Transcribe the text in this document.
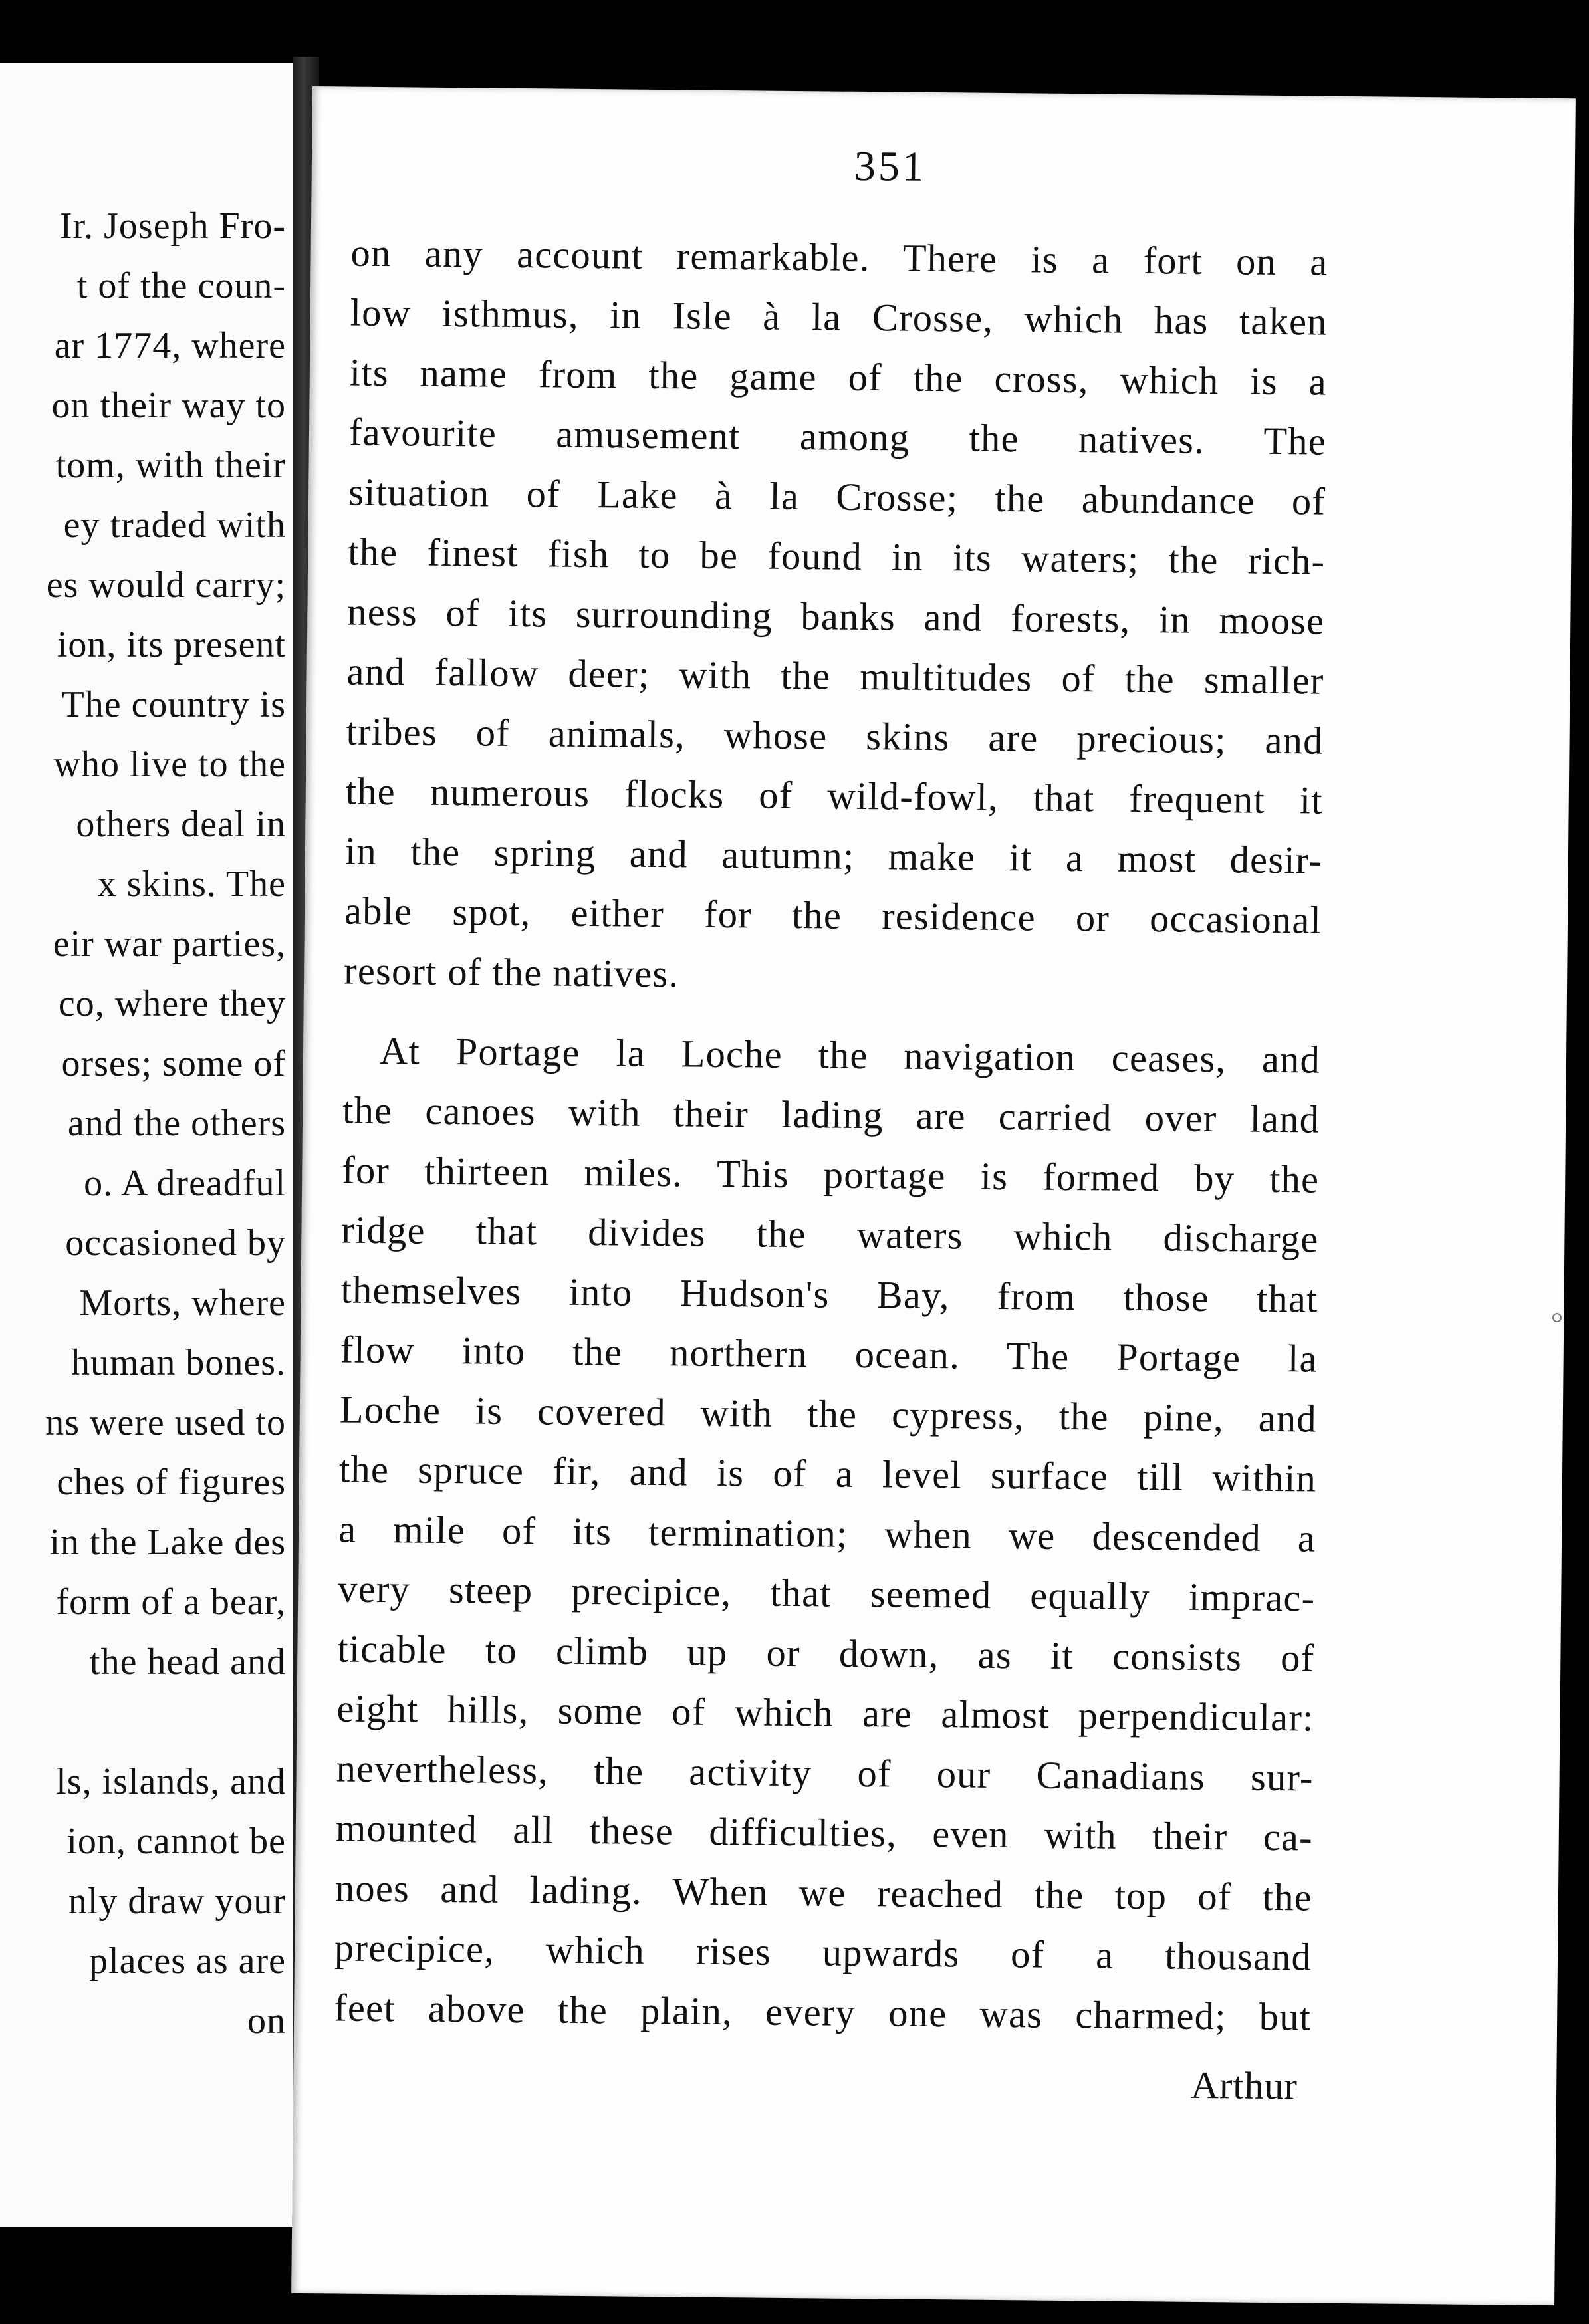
Ir. Joseph Fro-
t of the coun-
ar 1774, where
on their way to
tom, with their
ey traded with
es would carry;
ion, its present
The country is
who live to the
others deal in
x skins. The
eir war parties,
co, where they
orses; some of
and the others
o. A dreadful
occasioned by
Morts, where
human bones.
ns were used to
ches of figures
in the Lake des
form of a bear,
the head and

ls, islands, and
ion, cannot be
nly draw your
places as are
on
351
on any account remarkable. There is a fort on a
low isthmus, in Isle à la Crosse, which has taken
its name from the game of the cross, which is a
favourite amusement among the natives. The
situation of Lake à la Crosse; the abundance of
the finest fish to be found in its waters; the rich-
ness of its surrounding banks and forests, in moose
and fallow deer; with the multitudes of the smaller
tribes of animals, whose skins are precious; and
the numerous flocks of wild-fowl, that frequent it
in the spring and autumn; make it a most desir-
able spot, either for the residence or occasional
resort of the natives.
At Portage la Loche the navigation ceases, and
the canoes with their lading are carried over land
for thirteen miles. This portage is formed by the
ridge that divides the waters which discharge
themselves into Hudson's Bay, from those that
flow into the northern ocean. The Portage la
Loche is covered with the cypress, the pine, and
the spruce fir, and is of a level surface till within
a mile of its termination; when we descended a
very steep precipice, that seemed equally imprac-
ticable to climb up or down, as it consists of
eight hills, some of which are almost perpendicular:
nevertheless, the activity of our Canadians sur-
mounted all these difficulties, even with their ca-
noes and lading. When we reached the top of the
precipice, which rises upwards of a thousand
feet above the plain, every one was charmed; but
Arthur
